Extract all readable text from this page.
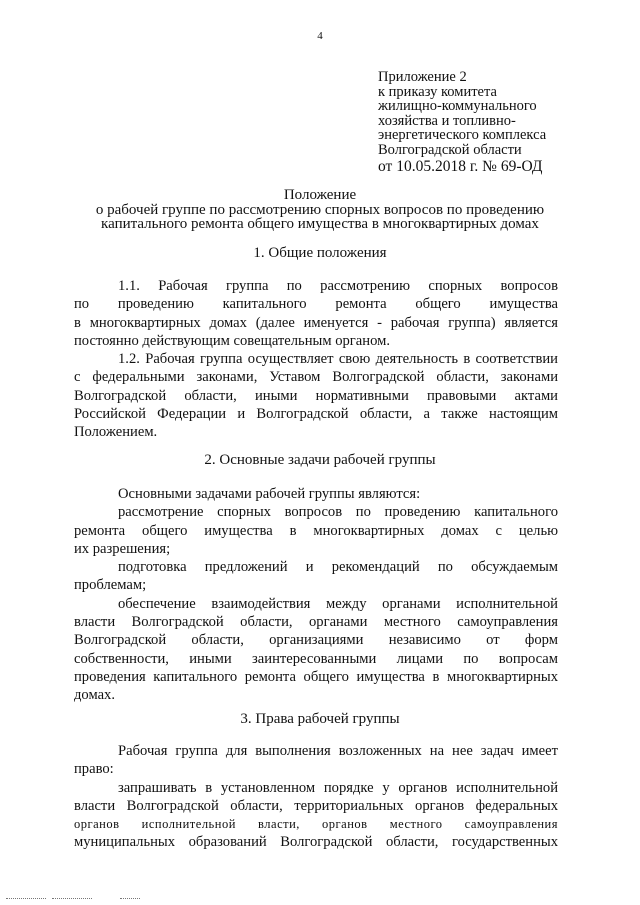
4
Приложение 2
к приказу комитета
жилищно-коммунального
хозяйства и топливно-
энергетического комплекса
Волгоградской области
от 10.05.2018 г. № 69-ОД
Положение
о рабочей группе по рассмотрению спорных вопросов по проведению
капитального ремонта общего имущества в многоквартирных домах
1. Общие положения
1.1. Рабочая группа по рассмотрению спорных вопросов
по проведению капитального ремонта общего имущества
в многоквартирных домах (далее именуется - рабочая группа) является
постоянно действующим совещательным органом.
1.2. Рабочая группа осуществляет свою деятельность в соответствии
с федеральными законами, Уставом Волгоградской области, законами
Волгоградской области, иными нормативными правовыми актами
Российской Федерации и Волгоградской области, а также настоящим
Положением.
2. Основные задачи рабочей группы
Основными задачами рабочей группы являются:
рассмотрение спорных вопросов по проведению капитального
ремонта общего имущества в многоквартирных домах с целью
их разрешения;
подготовка предложений и рекомендаций по обсуждаемым
проблемам;
обеспечение взаимодействия между органами исполнительной
власти Волгоградской области, органами местного самоуправления
Волгоградской области, организациями независимо от форм
собственности, иными заинтересованными лицами по вопросам
проведения капитального ремонта общего имущества в многоквартирных
домах.
3. Права рабочей группы
Рабочая группа для выполнения возложенных на нее задач имеет
право:
запрашивать в установленном порядке у органов исполнительной
власти Волгоградской области, территориальных органов федеральных
органов исполнительной власти, органов местного самоуправления
муниципальных образований Волгоградской области, государственных
